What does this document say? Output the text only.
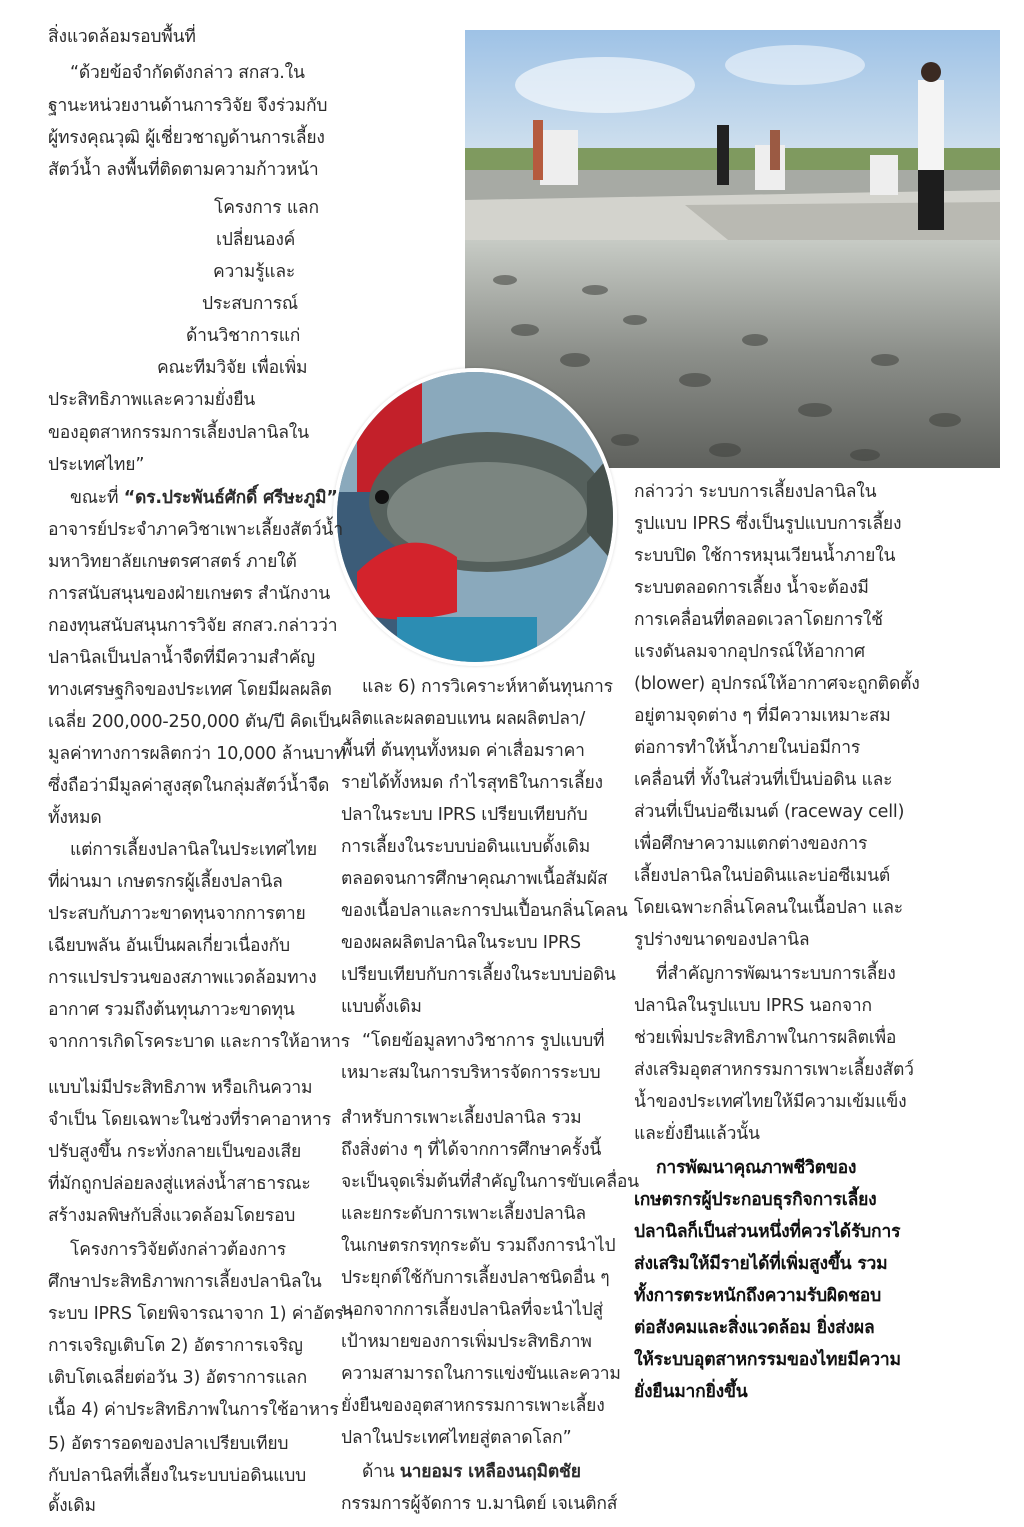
สิ่งแวดล้อมรอบพื้นที่
“ด้วยข้อจำกัดดังกล่าว สกสว.ใน
ฐานะหน่วยงานด้านการวิจัย จึงร่วมกับ
ผู้ทรงคุณวุฒิ ผู้เชี่ยวชาญด้านการเลี้ยง
สัตว์น้ำ ลงพื้นที่ติดตามความก้าวหน้า
โครงการ แลก
เปลี่ยนองค์
ความรู้และ
ประสบการณ์
ด้านวิชาการแก่
คณะทีมวิจัย เพื่อเพิ่ม
ประสิทธิภาพและความยั่งยืน
ของอุตสาหกรรมการเลี้ยงปลานิลใน
ประเทศไทย”
ขณะที่ “ดร.ประพันธ์ศักดิ์ ศรีษะภูมิ”
อาจารย์ประจำภาควิชาเพาะเลี้ยงสัตว์น้ำ
มหาวิทยาลัยเกษตรศาสตร์ ภายใต้
การสนับสนุนของฝ่ายเกษตร สำนักงาน
กองทุนสนับสนุนการวิจัย สกสว.กล่าวว่า
ปลานิลเป็นปลาน้ำจืดที่มีความสำคัญ
ทางเศรษฐกิจของประเทศ โดยมีผลผลิต
เฉลี่ย 200,000-250,000 ตัน/ปี คิดเป็น
มูลค่าทางการผลิตกว่า 10,000 ล้านบาท
ซึ่งถือว่ามีมูลค่าสูงสุดในกลุ่มสัตว์น้ำจืด
ทั้งหมด
แต่การเลี้ยงปลานิลในประเทศไทย
ที่ผ่านมา เกษตรกรผู้เลี้ยงปลานิล
ประสบกับภาวะขาดทุนจากการตาย
เฉียบพลัน อันเป็นผลเกี่ยวเนื่องกับ
การแปรปรวนของสภาพแวดล้อมทาง
อากาศ รวมถึงต้นทุนภาวะขาดทุน
จากการเกิดโรคระบาด และการให้อาหาร
แบบไม่มีประสิทธิภาพ หรือเกินความ
จำเป็น โดยเฉพาะในช่วงที่ราคาอาหาร
ปรับสูงขึ้น กระทั่งกลายเป็นของเสีย
ที่มักถูกปล่อยลงสู่แหล่งน้ำสาธารณะ
สร้างมลพิษกับสิ่งแวดล้อมโดยรอบ
โครงการวิจัยดังกล่าวต้องการ
ศึกษาประสิทธิภาพการเลี้ยงปลานิลใน
ระบบ IPRS โดยพิจารณาจาก 1) ค่าอัตรา
การเจริญเติบโต 2) อัตราการเจริญ
เติบโตเฉลี่ยต่อวัน 3) อัตราการแลก
เนื้อ 4) ค่าประสิทธิภาพในการใช้อาหาร
5) อัตรารอดของปลาเปรียบเทียบ
กับปลานิลที่เลี้ยงในระบบบ่อดินแบบ
ดั้งเดิม
และ 6) การวิเคราะห์หาต้นทุนการ
ผลิตและผลตอบแทน ผลผลิตปลา/
พื้นที่ ต้นทุนทั้งหมด ค่าเสื่อมราคา
รายได้ทั้งหมด กำไรสุทธิในการเลี้ยง
ปลาในระบบ IPRS เปรียบเทียบกับ
การเลี้ยงในระบบบ่อดินแบบดั้งเดิม
ตลอดจนการศึกษาคุณภาพเนื้อสัมผัส
ของเนื้อปลาและการปนเปื้อนกลิ่นโคลน
ของผลผลิตปลานิลในระบบ IPRS
เปรียบเทียบกับการเลี้ยงในระบบบ่อดิน
แบบดั้งเดิม
“โดยข้อมูลทางวิชาการ รูปแบบที่
เหมาะสมในการบริหารจัดการระบบ
สำหรับการเพาะเลี้ยงปลานิล รวม
ถึงสิ่งต่าง ๆ ที่ได้จากการศึกษาครั้งนี้
จะเป็นจุดเริ่มต้นที่สำคัญในการขับเคลื่อน
และยกระดับการเพาะเลี้ยงปลานิล
ในเกษตรกรทุกระดับ รวมถึงการนำไป
ประยุกต์ใช้กับการเลี้ยงปลาชนิดอื่น ๆ
นอกจากการเลี้ยงปลานิลที่จะนำไปสู่
เป้าหมายของการเพิ่มประสิทธิภาพ
ความสามารถในการแข่งขันและความ
ยั่งยืนของอุตสาหกรรมการเพาะเลี้ยง
ปลาในประเทศไทยสู่ตลาดโลก”
ด้าน นายอมร เหลืองนฤมิตชัย
กรรมการผู้จัดการ บ.มานิตย์ เจเนติกส์
กล่าวว่า ระบบการเลี้ยงปลานิลใน
รูปแบบ IPRS ซึ่งเป็นรูปแบบการเลี้ยง
ระบบปิด ใช้การหมุนเวียนน้ำภายใน
ระบบตลอดการเลี้ยง น้ำจะต้องมี
การเคลื่อนที่ตลอดเวลาโดยการใช้
แรงดันลมจากอุปกรณ์ให้อากาศ
(blower) อุปกรณ์ให้อากาศจะถูกติดตั้ง
อยู่ตามจุดต่าง ๆ ที่มีความเหมาะสม
ต่อการทำให้น้ำภายในบ่อมีการ
เคลื่อนที่ ทั้งในส่วนที่เป็นบ่อดิน และ
ส่วนที่เป็นบ่อซีเมนต์ (raceway cell)
เพื่อศึกษาความแตกต่างของการ
เลี้ยงปลานิลในบ่อดินและบ่อซีเมนต์
โดยเฉพาะกลิ่นโคลนในเนื้อปลา และ
รูปร่างขนาดของปลานิล
ที่สำคัญการพัฒนาระบบการเลี้ยง
ปลานิลในรูปแบบ IPRS นอกจาก
ช่วยเพิ่มประสิทธิภาพในการผลิตเพื่อ
ส่งเสริมอุตสาหกรรมการเพาะเลี้ยงสัตว์
น้ำของประเทศไทยให้มีความเข้มแข็ง
และยั่งยืนแล้วนั้น
การพัฒนาคุณภาพชีวิตของ
เกษตรกรผู้ประกอบธุรกิจการเลี้ยง
ปลานิลก็เป็นส่วนหนึ่งที่ควรได้รับการ
ส่งเสริมให้มีรายได้ที่เพิ่มสูงขึ้น รวม
ทั้งการตระหนักถึงความรับผิดชอบ
ต่อสังคมและสิ่งแวดล้อม ยิ่งส่งผล
ให้ระบบอุตสาหกรรมของไทยมีความ
ยั่งยืนมากยิ่งขึ้น
